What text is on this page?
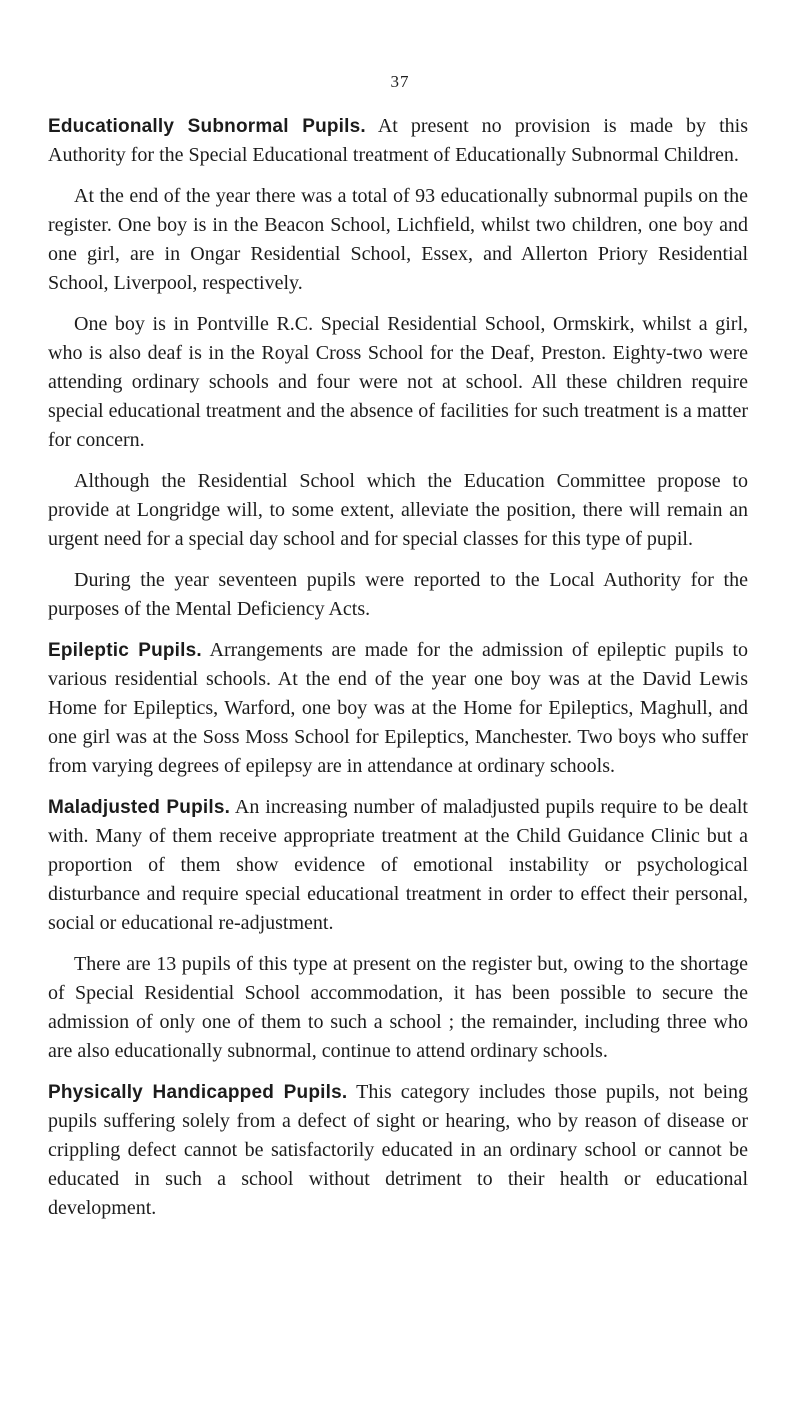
37

Educationally Subnormal Pupils. At present no provision is made by this Authority for the Special Educational treatment of Educationally Subnormal Children.

At the end of the year there was a total of 93 educationally subnormal pupils on the register. One boy is in the Beacon School, Lichfield, whilst two children, one boy and one girl, are in Ongar Residential School, Essex, and Allerton Priory Residential School, Liverpool, respectively.

One boy is in Pontville R.C. Special Residential School, Ormskirk, whilst a girl, who is also deaf is in the Royal Cross School for the Deaf, Preston. Eighty-two were attending ordinary schools and four were not at school. All these children require special educational treatment and the absence of facilities for such treatment is a matter for concern.

Although the Residential School which the Education Committee propose to provide at Longridge will, to some extent, alleviate the position, there will remain an urgent need for a special day school and for special classes for this type of pupil.

During the year seventeen pupils were reported to the Local Authority for the purposes of the Mental Deficiency Acts.

Epileptic Pupils. Arrangements are made for the admission of epileptic pupils to various residential schools. At the end of the year one boy was at the David Lewis Home for Epileptics, Warford, one boy was at the Home for Epileptics, Maghull, and one girl was at the Soss Moss School for Epileptics, Manchester. Two boys who suffer from varying degrees of epilepsy are in attendance at ordinary schools.

Maladjusted Pupils. An increasing number of maladjusted pupils require to be dealt with. Many of them receive appropriate treatment at the Child Guidance Clinic but a proportion of them show evidence of emotional instability or psychological disturbance and require special educational treatment in order to effect their personal, social or educational re-adjustment.

There are 13 pupils of this type at present on the register but, owing to the shortage of Special Residential School accommodation, it has been possible to secure the admission of only one of them to such a school ; the remainder, including three who are also educationally subnormal, continue to attend ordinary schools.

Physically Handicapped Pupils. This category includes those pupils, not being pupils suffering solely from a defect of sight or hearing, who by reason of disease or crippling defect cannot be satisfactorily educated in an ordinary school or cannot be educated in such a school without detriment to their health or educational development.
